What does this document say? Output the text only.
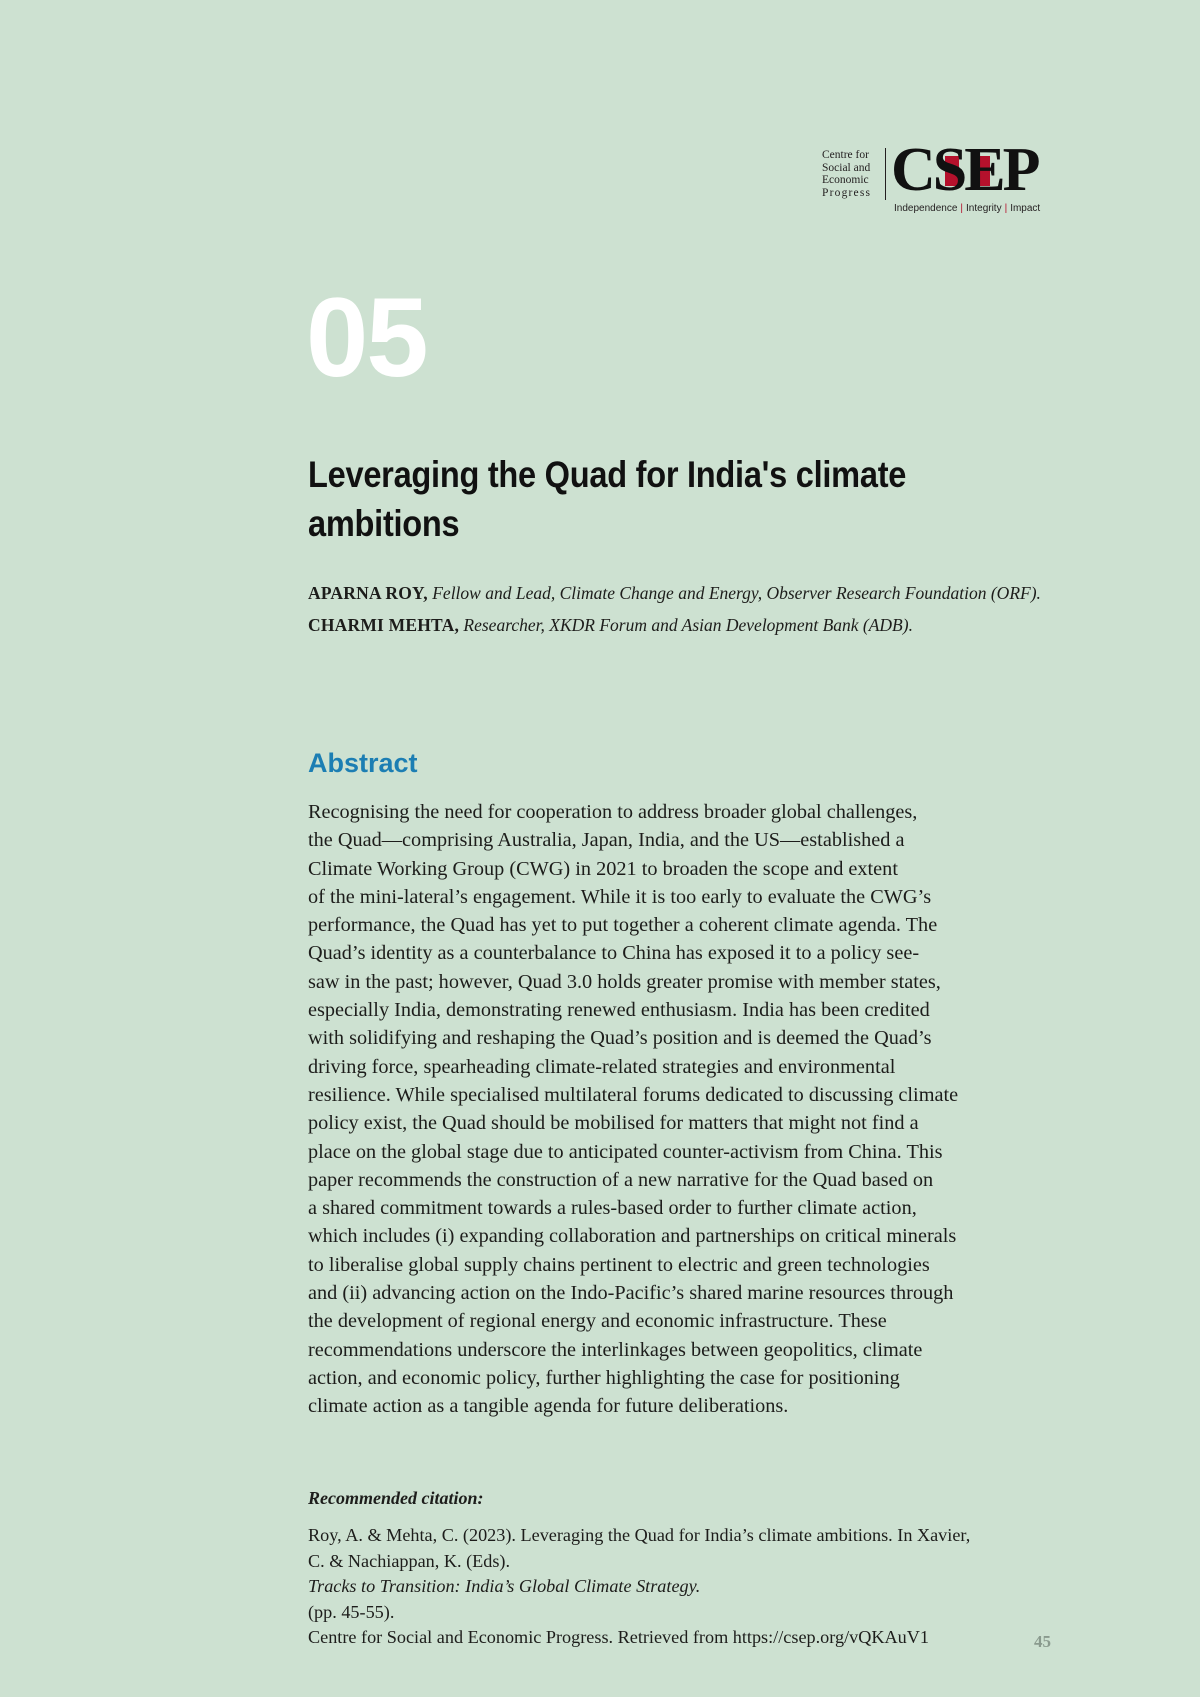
Centre for
Social and
Economic
Progress CSEP
Independence | Integrity | Impact
05
Leveraging the Quad for India's climate ambitions
APARNA ROY, Fellow and Lead, Climate Change and Energy, Observer Research Foundation (ORF).
CHARMI MEHTA, Researcher, XKDR Forum and Asian Development Bank (ADB).
Abstract
Recognising the need for cooperation to address broader global challenges,
the Quad—comprising Australia, Japan, India, and the US—established a
Climate Working Group (CWG) in 2021 to broaden the scope and extent
of the mini-lateral’s engagement. While it is too early to evaluate the CWG’s
performance, the Quad has yet to put together a coherent climate agenda. The
Quad’s identity as a counterbalance to China has exposed it to a policy see-
saw in the past; however, Quad 3.0 holds greater promise with member states,
especially India, demonstrating renewed enthusiasm. India has been credited
with solidifying and reshaping the Quad’s position and is deemed the Quad’s
driving force, spearheading climate-related strategies and environmental
resilience. While specialised multilateral forums dedicated to discussing climate
policy exist, the Quad should be mobilised for matters that might not find a
place on the global stage due to anticipated counter-activism from China. This
paper recommends the construction of a new narrative for the Quad based on
a shared commitment towards a rules-based order to further climate action,
which includes (i) expanding collaboration and partnerships on critical minerals
to liberalise global supply chains pertinent to electric and green technologies
and (ii) advancing action on the Indo-Pacific’s shared marine resources through
the development of regional energy and economic infrastructure. These
recommendations underscore the interlinkages between geopolitics, climate
action, and economic policy, further highlighting the case for positioning
climate action as a tangible agenda for future deliberations.
Recommended citation:
Roy, A. & Mehta, C. (2023). Leveraging the Quad for India’s climate ambitions. In Xavier,
C. & Nachiappan, K. (Eds).
Tracks to Transition: India’s Global Climate Strategy.
(pp. 45-55).
Centre for Social and Economic Progress. Retrieved from https://csep.org/vQKAuV1	45
